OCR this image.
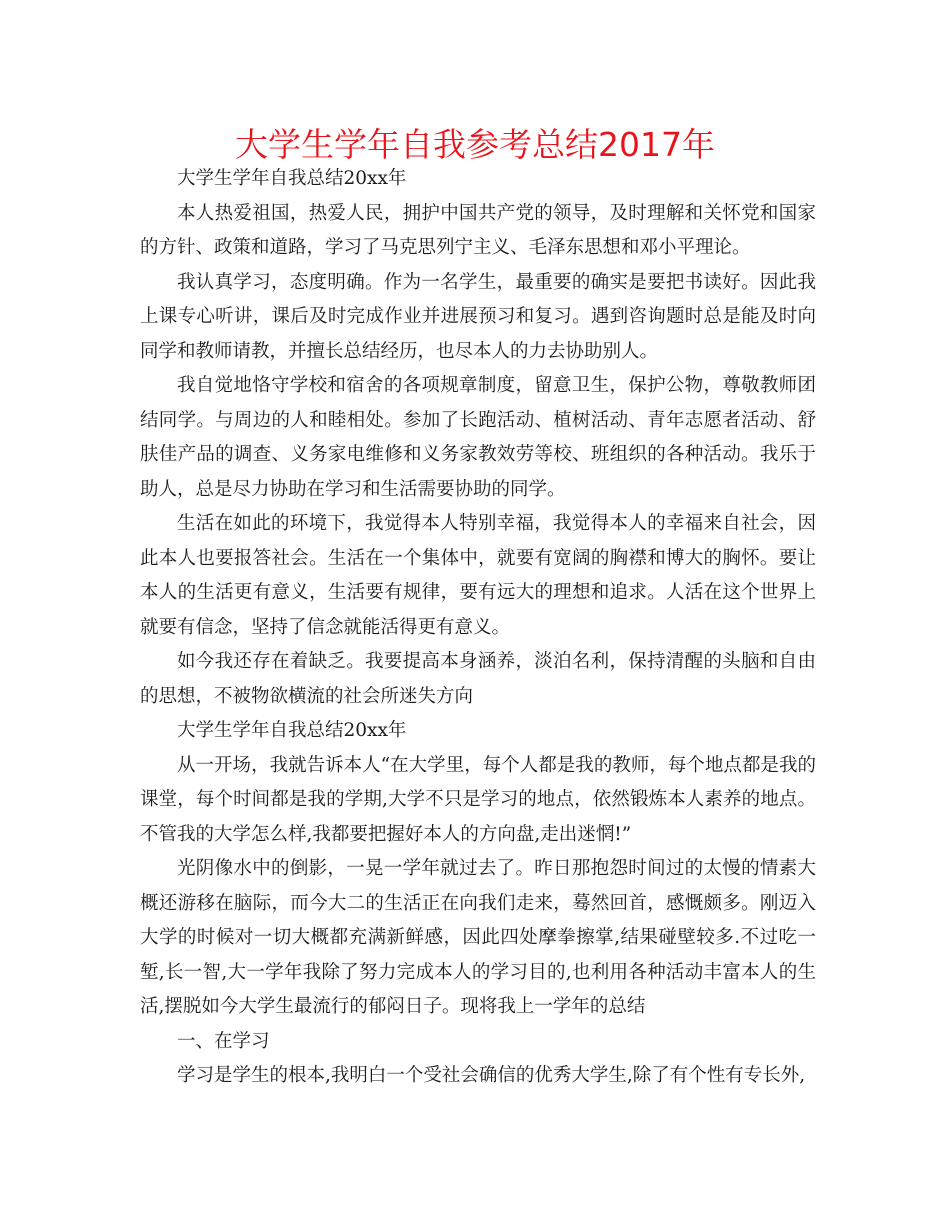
大学生学年自我参考总结2017年

大学生学年自我总结20xx年

本人热爱祖国，热爱人民，拥护中国共产党的领导，及时理解和关怀党和国家的方针、政策和道路，学习了马克思列宁主义、毛泽东思想和邓小平理论。

我认真学习，态度明确。作为一名学生，最重要的确实是要把书读好。因此我上课专心听讲，课后及时完成作业并进展预习和复习。遇到咨询题时总是能及时向同学和教师请教，并擅长总结经历，也尽本人的力去协助别人。

我自觉地恪守学校和宿舍的各项规章制度，留意卫生，保护公物，尊敬教师团结同学。与周边的人和睦相处。参加了长跑活动、植树活动、青年志愿者活动、舒肤佳产品的调查、义务家电维修和义务家教效劳等校、班组织的各种活动。我乐于助人，总是尽力协助在学习和生活需要协助的同学。

生活在如此的环境下，我觉得本人特别幸福，我觉得本人的幸福来自社会，因此本人也要报答社会。生活在一个集体中，就要有宽阔的胸襟和博大的胸怀。要让本人的生活更有意义，生活要有规律，要有远大的理想和追求。人活在这个世界上就要有信念，坚持了信念就能活得更有意义。

如今我还存在着缺乏。我要提高本身涵养，淡泊名利，保持清醒的头脑和自由的思想，不被物欲横流的社会所迷失方向

大学生学年自我总结20xx年

从一开场，我就告诉本人“在大学里，每个人都是我的教师，每个地点都是我的课堂，每个时间都是我的学期,大学不只是学习的地点，依然锻炼本人素养的地点。不管我的大学怎么样,我都要把握好本人的方向盘,走出迷惘!”

光阴像水中的倒影，一晃一学年就过去了。昨日那抱怨时间过的太慢的情素大概还游移在脑际，而今大二的生活正在向我们走来，蓦然回首，感慨颇多。刚迈入大学的时候对一切大概都充满新鲜感，因此四处摩拳擦掌,结果碰壁较多.不过吃一堑,长一智,大一学年我除了努力完成本人的学习目的,也利用各种活动丰富本人的生活,摆脱如今大学生最流行的郁闷日子。现将我上一学年的总结

一、在学习

学习是学生的根本,我明白一个受社会确信的优秀大学生,除了有个性有专长外,
